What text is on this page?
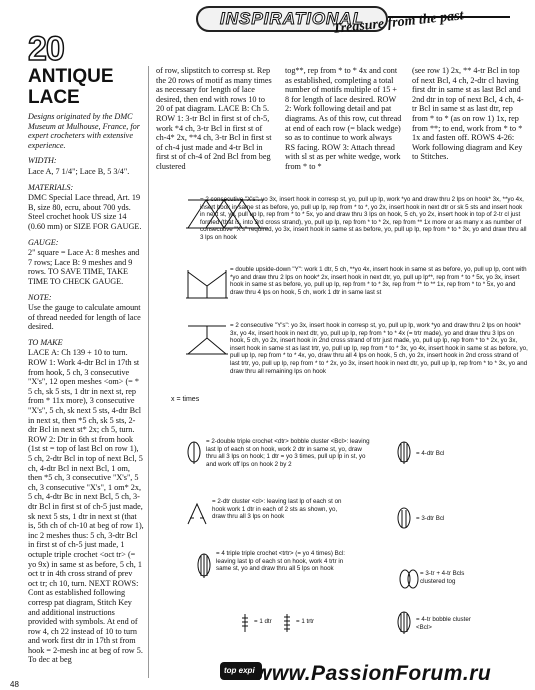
INSPIRATIONAL
Treasure from the past
20
ANTIQUE LACE

Designs originated by the DMC Museum at Mulhouse, France, for expert crocheters with extensive experience.

WIDTH:

Lace A, 7 1/4"; Lace B, 5 3/4".

MATERIALS:

DMC Special Lace thread, Art. 19 B, size 80, ecru, about 700 yds. Steel crochet hook US size 14 (0.60 mm) or SIZE FOR GAUGE.

GAUGE:

2" square = Lace A: 8 meshes and 7 rows; Lace B: 9 meshes and 9 rows. TO SAVE TIME, TAKE TIME TO CHECK GAUGE.

NOTE:

Use the gauge to calculate amount of thread needed for length of lace desired.

TO MAKE

LACE A: Ch 139 + 10 to turn. ROW 1: Work 4-dtr Bcl in 17th st from hook, 5 ch, 3 consecutive "X's", 12 open meshes <om> (= * 5 ch, sk 5 sts, 1 dtr in next st, rep from * 11x more), 3 consecutive "X's", 5 ch, sk next 5 sts, 4-dtr Bcl in next st, then *5 ch, sk 5 sts, 2-dtr Bcl in next st* 2x; ch 5, turn. ROW 2: Dtr in 6th st from hook (1st st = top of last Bcl on row 1), 5 ch, 2-dtr Bcl in top of next Bcl, 5 ch, 4-dtr Bcl in next Bcl, 1 om, then *5 ch, 3 consecutive "X's", 5 ch, 3 consecutive "X's", 1 om* 2x, 5 ch, 4-dtr Bc in next Bcl, 5 ch, 3-dtr Bcl in first st of ch-5 just made, sk next 5 sts, 1 dtr in next st (that is, 5th ch of ch-10 at beg of row 1), inc 2 meshes thus: 5 ch, 3-dtr Bcl in first st of ch-5 just made, 1 octuple triple crochet <oct tr> (= yo 9x) in same st as before, 5 ch, 1 oct tr in 4th cross strand of prev oct tr; ch 10, turn. NEXT ROWS: Cont as established following corresp pat diagram, Stitch Key and additional instructions provided with symbols. At end of row 4, ch 22 instead of 10 to turn and work first dtr in 17th st from hook = 2-mesh inc at beg of row 5. To dec at beg

of row, slipstitch to corresp st. Rep the 20 rows of motif as many times as necessary for length of lace desired, then end with rows 10 to 20 of pat diagram. LACE B: Ch 5. ROW 1: 3-tr Bcl in first st of ch-5, work *4 ch, 3-tr Bcl in first st of ch-4* 2x, **4 ch, 3-tr Bcl in first st of ch-4 just made and 4-tr Bcl in first st of ch-4 of 2nd Bcl from beg clustered
tog**, rep from * to * 4x and cont as established, completing a total number of motifs multiple of 15 + 8 for length of lace desired. ROW 2: Work following detail and pat diagrams. As of this row, cut thread at end of each row (= black wedge) so as to continue to work always RS facing. ROW 3: Attach thread with sl st as per white wedge, work from * to *
(see row 1) 2x, ** 4-tr Bcl in top of next Bcl, 4 ch, 2-dtr cl having first dtr in same st as last Bcl and 2nd dtr in top of next Bcl, 4 ch, 4-tr Bcl in same st as last dtr, rep from * to * (as on row 1) 1x, rep from **; to end, work from * to * 1x and fasten off. ROWS 4-26: Work following diagram and Key to Stitches.
= 2 consecutive "X's": yo 3x, insert hook in corresp st, yo, pull up lp, work *yo and draw thru 2 lps on hook* 3x, **yo 4x, insert hook in same st as before, yo, pull up lp, rep from * to *, yo 2x, insert hook in next dtr or sk 5 sts and insert hook in next st, yo, pull up lp, rep from * to * 5x, yo and draw thru 3 lps on hook, 5 ch, yo 2x, insert hook in top of 2-tr cl just formed (that is, into 3rd cross strand), yo, pull up lp, rep from * to * 2x, rep from ** 1x more or as many x as number of consecutive "X's" required, yo 3x, insert hook in same st as before, yo, pull up lp, rep from * to * 3x, yo and draw thru all 3 lps on hook
= double upside-down "Y": work 1 dtr, 5 ch, **yo 4x, insert hook in same st as before, yo, pull up lp, cont with *yo and draw thru 2 lps on hook* 2x, insert hook in next dtr, yo, pull up lp**, rep from * to * 5x, yo 3x, insert hook in same st as before, yo, pull up lp, rep from * to * 3x, rep from ** to ** 1x, rep from * to * 5x, yo and draw thru 4 lps on hook, 5 ch, work 1 dtr in same last st
= 2 consecutive "Y's": yo 3x, insert hook in corresp st, yo, pull up lp, work *yo and draw thru 2 lps on hook* 3x, yo 4x, insert hook in next dtr, yo, pull up lp, rep from * to * 4x (= trtr made), yo and draw thru 3 lps on hook, 5 ch, yo 2x, insert hook in 2nd cross strand of trtr just made, yo, pull up lp, rep from * to * 2x, yo 3x, insert hook in same st as last trtr, yo, pull up lp, rep from * to * 3x, yo 4x, insert hook in same st as before, yo, pull up lp, rep from * to * 4x, yo, draw thru all 4 lps on hook, 5 ch, yo 2x, insert hook in 2nd cross strand of last trtr, yo, pull up lp, rep from * to * 2x, yo 3x, insert hook in next dtr, yo, pull up lp, rep from * to * 3x, yo and draw thru all remaining lps on hook
x = times
= 2-double triple crochet <dtr> bobble cluster <Bcl>: leaving last lp of each st on hook, work 2 dtr in same st, yo, draw thru all 3 lps on hook; 1 dtr = yo 3 times, pull up lp in st, yo and work off lps on hook 2 by 2
= 4-dtr Bcl
= 2-dtr cluster <cl>: leaving last lp of each st on hook work 1 dtr in each of 2 sts as shown, yo, draw thru all 3 lps on hook	= 3-dtr Bcl
= 4 triple triple crochet <trtr> (= yo 4 times) Bcl: leaving last lp of each st on hook, work 4 trtr in same st, yo and draw thru all 5 lps on hook
= 3-tr + 4-tr Bcls clustered tog
= 1 dtr	= 1 trtr	= 4-tr bobble cluster <Bcl>
top expi www.PassionForum.ru
48
